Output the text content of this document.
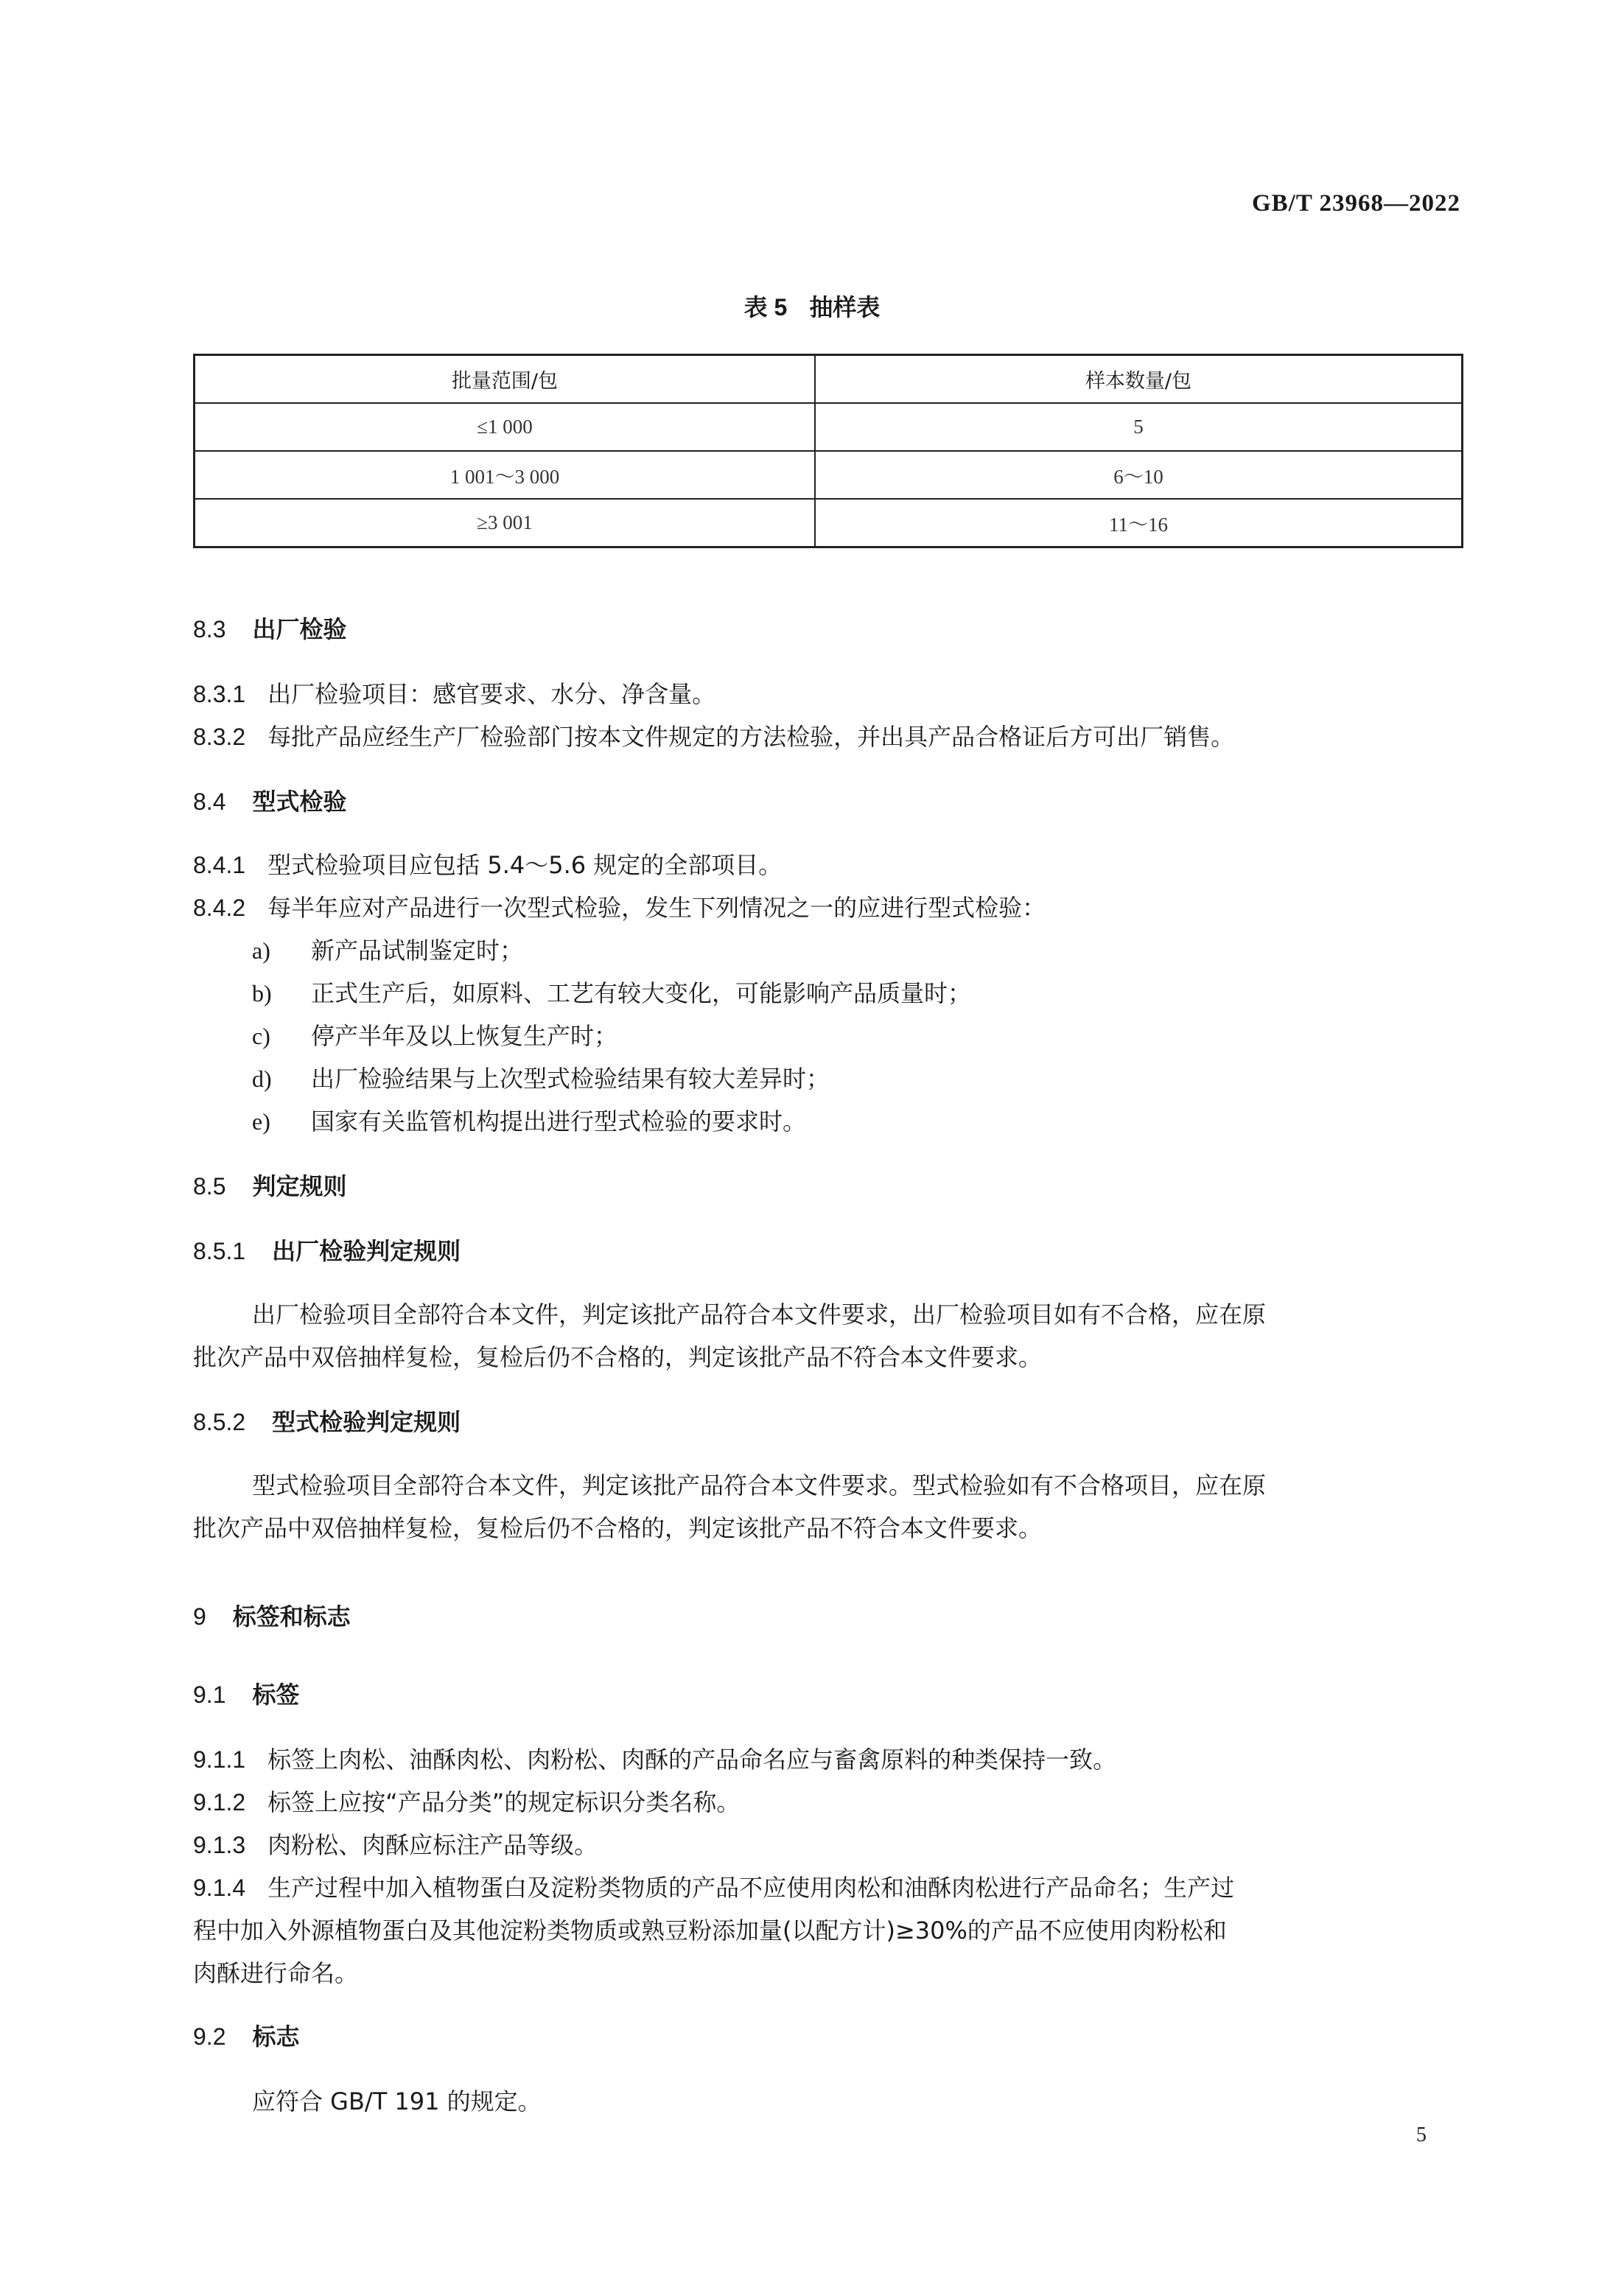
GB/T 23968—2022
表 5 抽样表
批量范围/包	样本数量/包
≤1 000	5
1 001～3 000	6～10
≥3 001	11～16
8.3 出厂检验
8.3.1 出厂检验项目：感官要求、水分、净含量。
8.3.2 每批产品应经生产厂检验部门按本文件规定的方法检验，并出具产品合格证后方可出厂销售。
8.4 型式检验
8.4.1 型式检验项目应包括 5.4～5.6 规定的全部项目。
8.4.2 每半年应对产品进行一次型式检验，发生下列情况之一的应进行型式检验：
a) 新产品试制鉴定时；
b) 正式生产后，如原料、工艺有较大变化，可能影响产品质量时；
c) 停产半年及以上恢复生产时；
d) 出厂检验结果与上次型式检验结果有较大差异时；
e) 国家有关监管机构提出进行型式检验的要求时。
8.5 判定规则
8.5.1 出厂检验判定规则
出厂检验项目全部符合本文件，判定该批产品符合本文件要求，出厂检验项目如有不合格，应在原
批次产品中双倍抽样复检，复检后仍不合格的，判定该批产品不符合本文件要求。
8.5.2 型式检验判定规则
型式检验项目全部符合本文件，判定该批产品符合本文件要求。型式检验如有不合格项目，应在原
批次产品中双倍抽样复检，复检后仍不合格的，判定该批产品不符合本文件要求。
9 标签和标志
9.1 标签
9.1.1 标签上肉松、油酥肉松、肉粉松、肉酥的产品命名应与畜禽原料的种类保持一致。
9.1.2 标签上应按“产品分类”的规定标识分类名称。
9.1.3 肉粉松、肉酥应标注产品等级。
9.1.4 生产过程中加入植物蛋白及淀粉类物质的产品不应使用肉松和油酥肉松进行产品命名；生产过
程中加入外源植物蛋白及其他淀粉类物质或熟豆粉添加量(以配方计)≥30%的产品不应使用肉粉松和
肉酥进行命名。
9.2 标志
应符合 GB/T 191 的规定。
5
